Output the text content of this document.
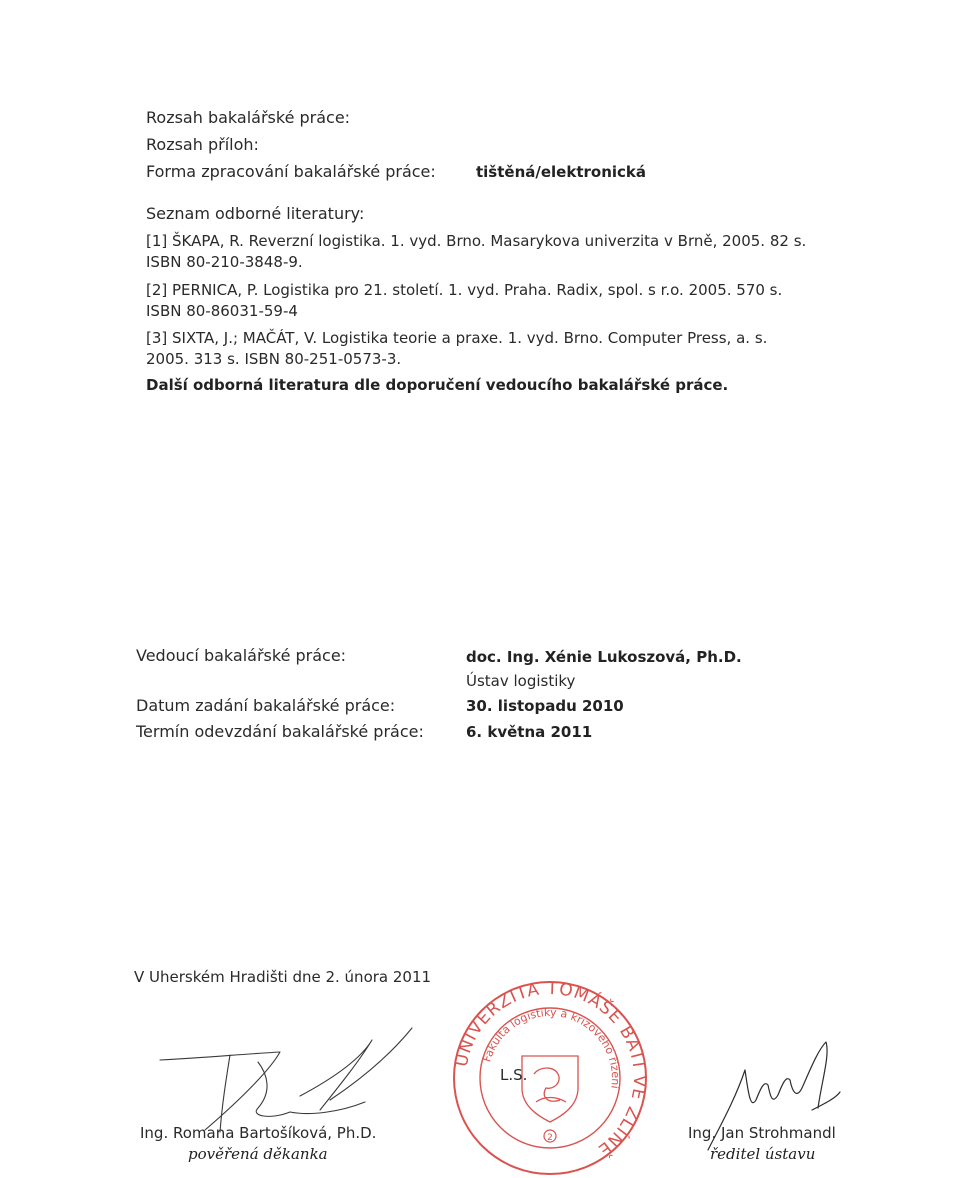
Rozsah bakalářské práce:
Rozsah příloh:
Forma zpracování bakalářské práce:	tištěná/elektronická
Seznam odborné literatury:
[1] ŠKAPA, R. Reverzní logistika. 1. vyd. Brno. Masarykova univerzita v Brně, 2005. 82 s.
ISBN 80-210-3848-9.
[2] PERNICA, P. Logistika pro 21. století. 1. vyd. Praha. Radix, spol. s r.o. 2005. 570 s.
ISBN 80-86031-59-4
[3] SIXTA, J.; MAČÁT, V. Logistika teorie a praxe. 1. vyd. Brno. Computer Press, a. s.
2005. 313 s. ISBN 80-251-0573-3.
Další odborná literatura dle doporučení vedoucího bakalářské práce.
Vedoucí bakalářské práce:	doc. Ing. Xénie Lukoszová, Ph.D.
Ústav logistiky
Datum zadání bakalářské práce:	30. listopadu 2010
Termín odevzdání bakalářské práce:	6. května 2011
V Uherském Hradišti dne 2. února 2011
Ing. Romana Bartošíková, Ph.D.
pověřená děkanka
UNIVERZITA TOMÁŠE BATI VE ZLÍNĚ
Fakulta logistiky a krizového řízení
2
L.S.
Ing. Jan Strohmandl
ředitel ústavu
